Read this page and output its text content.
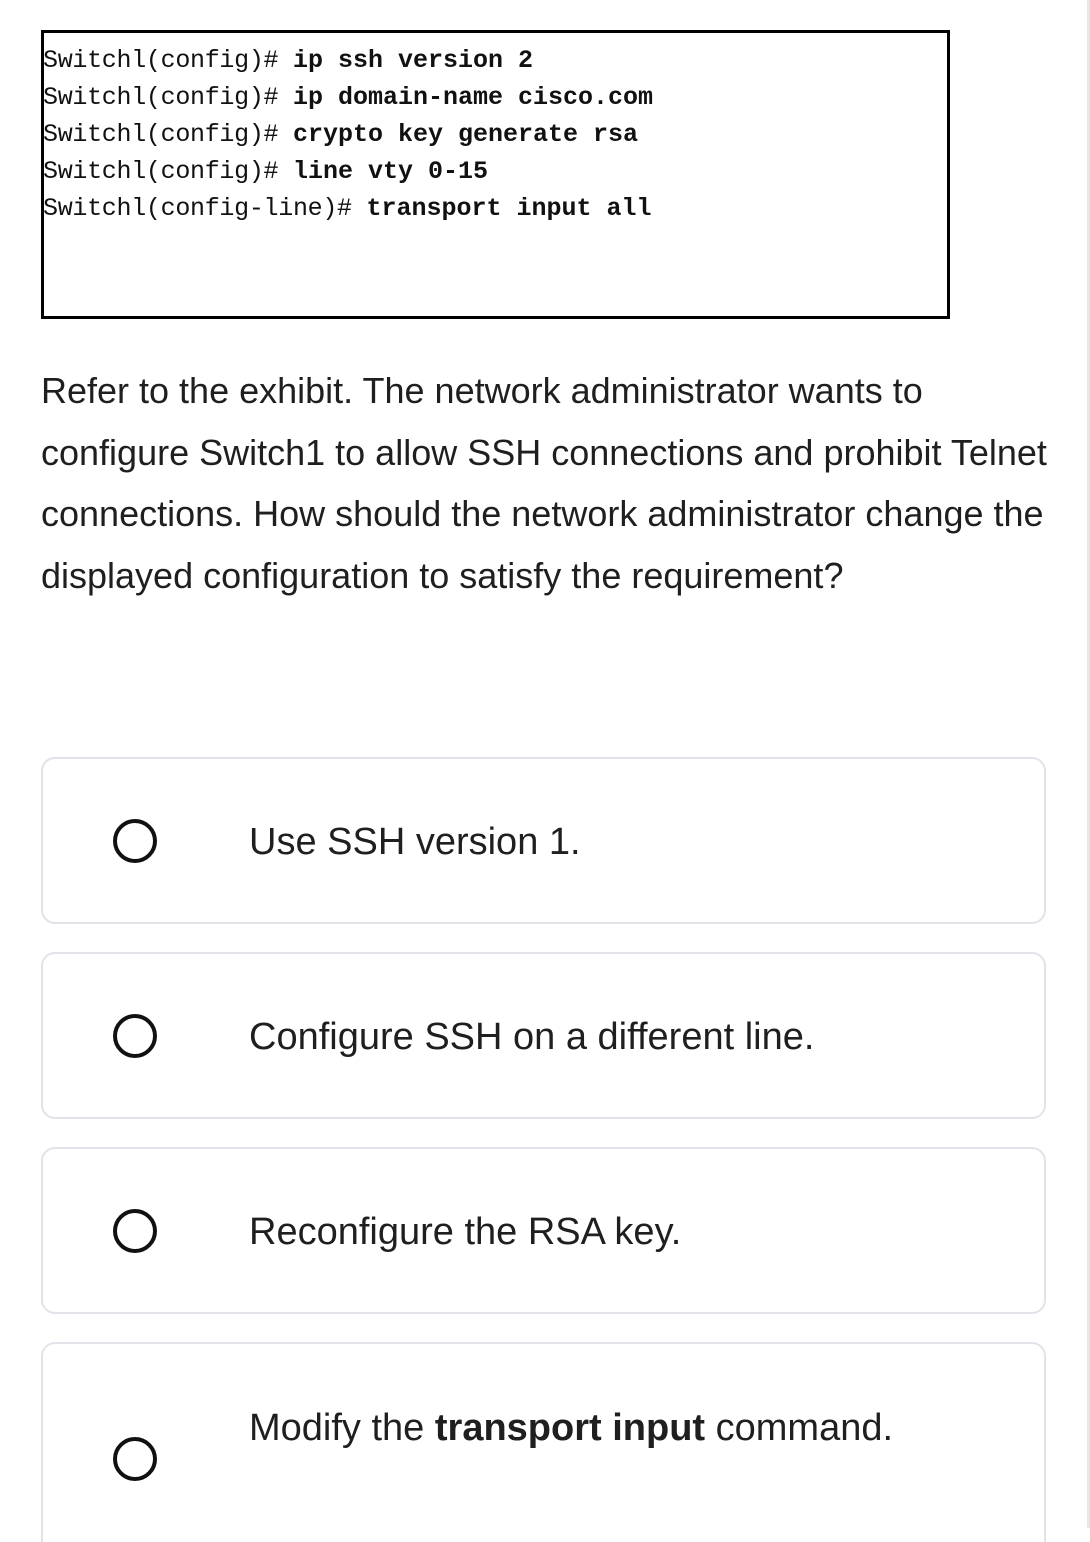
Switchl(config)# ip ssh version 2
Switchl(config)# ip domain-name cisco.com
Switchl(config)# crypto key generate rsa
Switchl(config)# line vty 0-15
Switchl(config-line)# transport input all

Refer to the exhibit. The network administrator wants to configure Switch1 to allow SSH connections and prohibit Telnet connections. How should the network administrator change the displayed configuration to satisfy the requirement?

Use SSH version 1.
Configure SSH on a different line.
Reconfigure the RSA key.
Modify the transport input command.
